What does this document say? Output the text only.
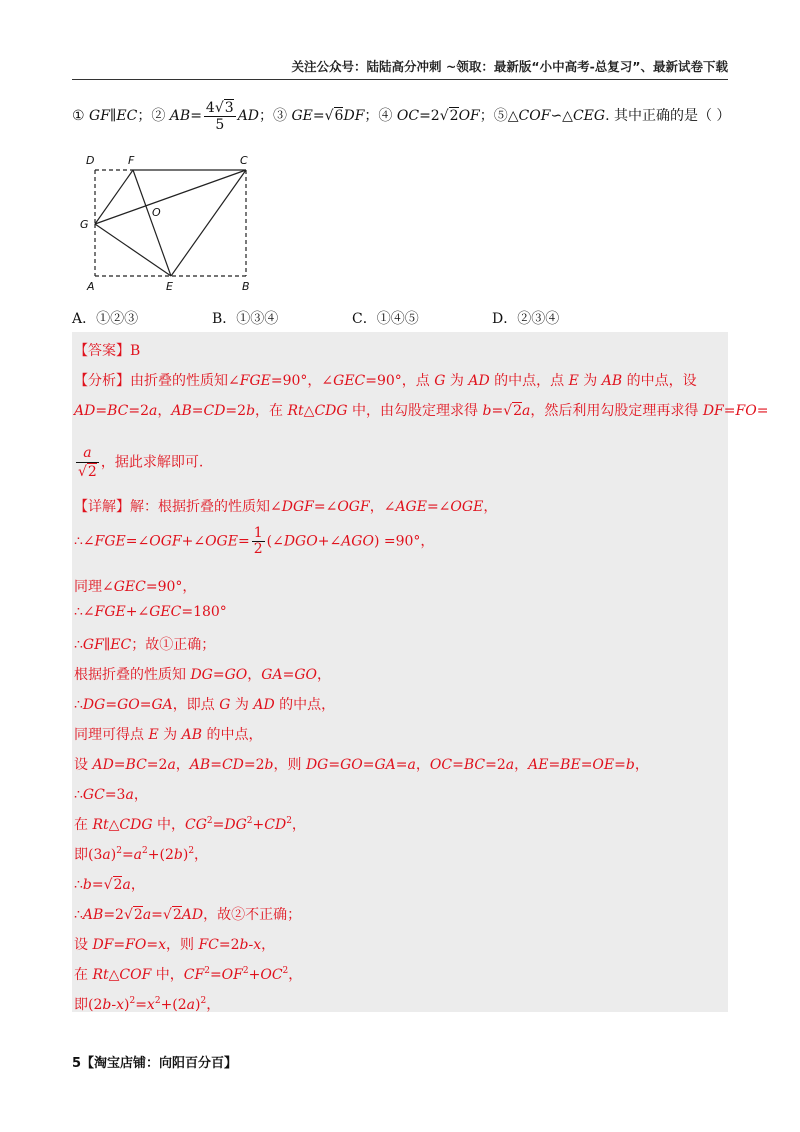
关注公众号：陆陆高分冲刺 ~领取：最新版“小中高考-总复习”、最新试卷下载
① GF∥EC；② $AB= \frac{4√3}{5}$ AD；③ GE=√6DF；④ OC=2√2OF；⑤△COF∽△CEG. 其中正确的是（ ）
D	F	C
G
O
A	E	B
A．①②③	B．①③④	C．①④⑤	D．②③④
【答案】B
【分析】由折叠的性质知∠FGE=90°，∠GEC=90°，点 G 为 AD 的中点，点 E 为 AB 的中点，设
AD=BC=2a，AB=CD=2b，在 Rt△CDG 中，由勾股定理求得 b=√2a，然后利用勾股定理再求得 DF=FO=
$\frac{a}{√2}$ ，据此求解即可.
【详解】解：根据折叠的性质知∠DGF=∠OGF，∠AGE=∠OGE，
∴∠FGE=∠OGF+∠OGE= $\frac{1}{2}$ (∠DGO+∠AGO) =90°，
同理∠GEC=90°，
∴∠FGE+∠GEC=180°
∴GF∥EC；故①正确；
根据折叠的性质知 DG=GO，GA=GO，
∴DG=GO=GA，即点 G 为 AD 的中点，
同理可得点 E 为 AB 的中点，
设 AD=BC=2a，AB=CD=2b，则 DG=GO=GA=a，OC=BC=2a，AE=BE=OE=b，
∴GC=3a，
在 Rt△CDG 中，$CG^2=DG^2+CD^2$，
即$(3a)^2=a^2+(2b)^2$，
∴b=√2a，
∴AB=2√2a=√2AD，故②不正确；
设 DF=FO=x，则 FC=2b-x，
在 Rt△COF 中，$CF^2=OF^2+OC^2$，
即$(2b-x)^2=x^2+(2a)^2$，
5【淘宝店铺：向阳百分百】
